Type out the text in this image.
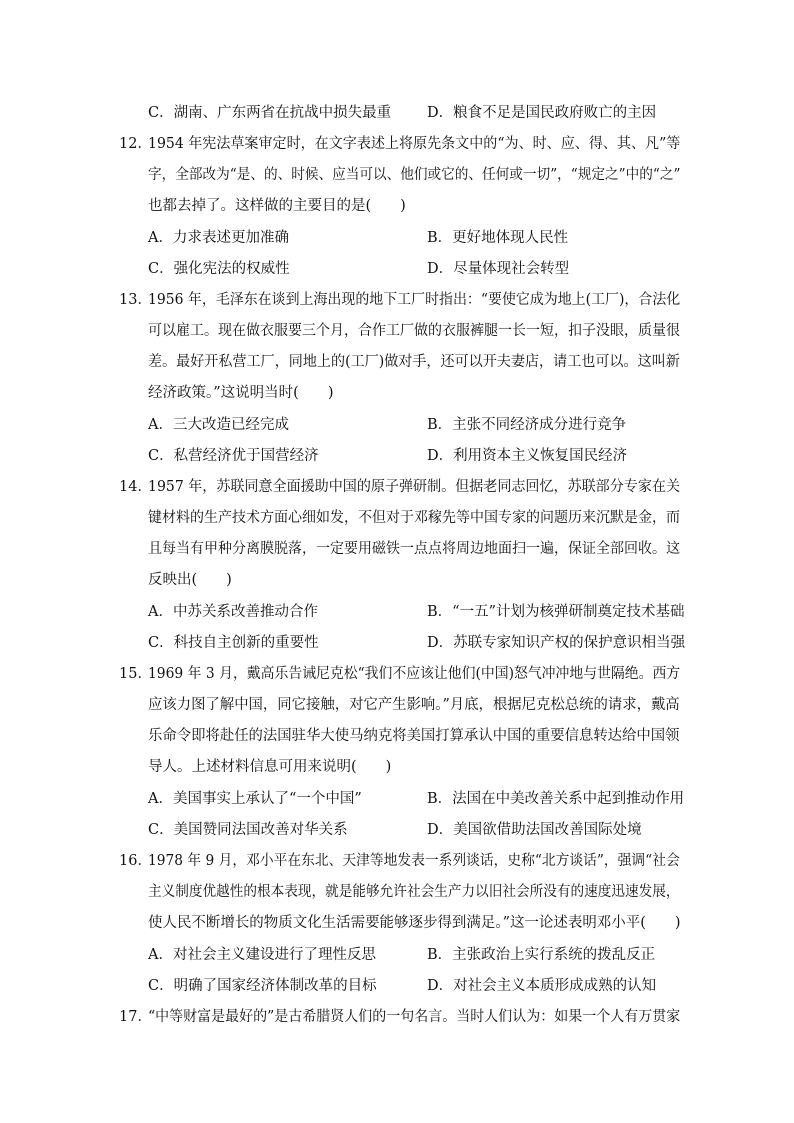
C．湖南、广东两省在抗战中损失最重 D．粮食不足是国民政府败亡的主因
12．
1954 年宪法草案审定时，在文字表述上将原先条文中的“为、时、应、得、其、凡”等
字，全部改为“是、的、时候、应当可以、他们或它的、任何或一切”，“规定之”中的“之”
也都去掉了。这样做的主要目的是(　　)
A．力求表述更加准确	B．更好地体现人民性
C．强化宪法的权威性	D．尽量体现社会转型
13．
1956 年，毛泽东在谈到上海出现的地下工厂时指出：“要使它成为地上(工厂)，合法化
可以雇工。现在做衣服要三个月，合作工厂做的衣服裤腿一长一短，扣子没眼，质量很
差。最好开私营工厂，同地上的(工厂)做对手，还可以开夫妻店，请工也可以。这叫新
经济政策。”这说明当时(　　)
A．三大改造已经完成	B．主张不同经济成分进行竞争
C．私营经济优于国营经济	D．利用资本主义恢复国民经济
14．
1957 年，苏联同意全面援助中国的原子弹研制。但据老同志回忆，苏联部分专家在关
键材料的生产技术方面心细如发，不但对于邓稼先等中国专家的问题历来沉默是金，而
且每当有甲种分离膜脱落，一定要用磁铁一点点将周边地面扫一遍，保证全部回收。这
反映出(　　)
A．中苏关系改善推动合作	B．“一五”计划为核弹研制奠定技术基础
C．科技自主创新的重要性	D．苏联专家知识产权的保护意识相当强
15．
1969 年 3 月，戴高乐告诫尼克松“我们不应该让他们(中国)怒气冲冲地与世隔绝。西方
应该力图了解中国，同它接触，对它产生影响。”月底，根据尼克松总统的请求，戴高
乐命令即将赴任的法国驻华大使马纳克将美国打算承认中国的重要信息转达给中国领
导人。上述材料信息可用来说明(　　)
A．美国事实上承认了“一个中国”	B．法国在中美改善关系中起到推动作用
C．美国赞同法国改善对华关系	D．美国欲借助法国改善国际处境
16．
1978 年 9 月，邓小平在东北、天津等地发表一系列谈话，史称“北方谈话”，强调“社会
主义制度优越性的根本表现，就是能够允许社会生产力以旧社会所没有的速度迅速发展，
使人民不断增长的物质文化生活需要能够逐步得到满足。”这一论述表明邓小平(　　)
A．对社会主义建设进行了理性反思	B．主张政治上实行系统的拨乱反正
C．明确了国家经济体制改革的目标	D．对社会主义本质形成成熟的认知
17．
“中等财富是最好的”是古希腊贤人们的一句名言。当时人们认为：如果一个人有万贯家
